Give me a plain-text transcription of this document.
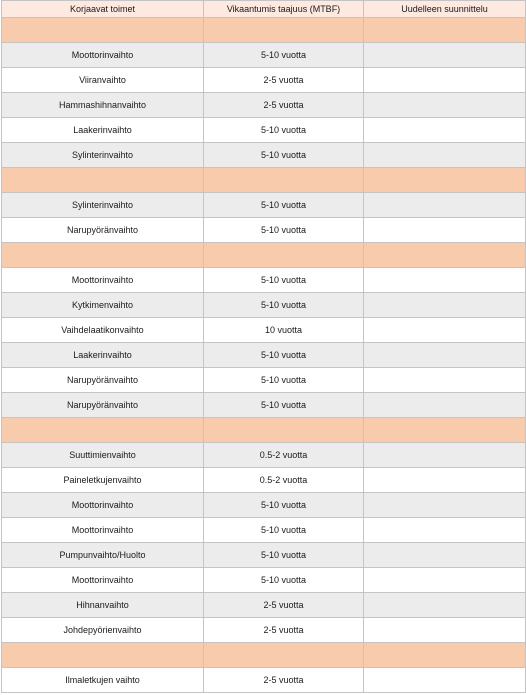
Korjaavat toimet	Vikaantumis taajuus (MTBF)	Uudelleen suunnittelu

Moottorinvaihto	5-10 vuotta	
Viiranvaihto	2-5 vuotta	
Hammashihnanvaihto	2-5 vuotta	
Laakerinvaihto	5-10 vuotta	
Sylinterinvaihto	5-10 vuotta	

Sylinterinvaihto	5-10 vuotta	
Narupyöränvaihto	5-10 vuotta	

Moottorinvaihto	5-10 vuotta	
Kytkimenvaihto	5-10 vuotta	
Vaihdelaatikonvaihto	10 vuotta	
Laakerinvaihto	5-10 vuotta	
Narupyöränvaihto	5-10 vuotta	
Narupyöränvaihto	5-10 vuotta	

Suuttimienvaihto	0.5-2 vuotta	
Paineletkujenvaihto	0.5-2 vuotta	
Moottorinvaihto	5-10 vuotta	
Moottorinvaihto	5-10 vuotta	
Pumpunvaihto/Huolto	5-10 vuotta	
Moottorinvaihto	5-10 vuotta	
Hihnanvaihto	2-5 vuotta	
Johdepyörienvaihto	2-5 vuotta	

Ilmaletkujen vaihto	2-5 vuotta	
